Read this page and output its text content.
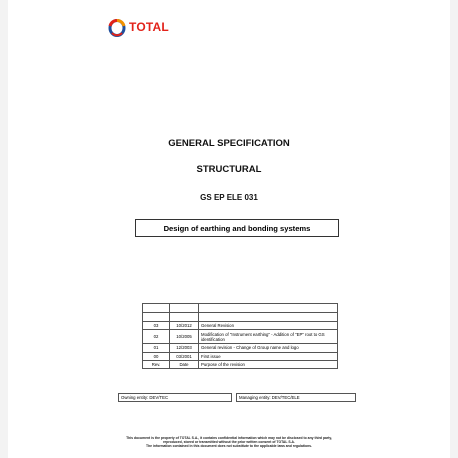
TOTAL
GENERAL SPECIFICATION
STRUCTURAL
GS EP ELE 031
Design of earthing and bonding systems

03	10/2012	General Revision
02	10/2005	Modification of "Instrument earthing" - Addition of "EP" root to GS identification
01	12/2003	General revision - Change of Group name and logo
00	03/2001	First issue
Rev.	Date	Purpose of the revision
Owning entity: DEV/TEC	Managing entity: DEV/TEC/ELE
This document is the property of TOTAL S.A., it contains confidential information which may not be disclosed to any third party,
reproduced, stored or transmitted without the prior written consent of TOTAL S.A.
The information contained in this document does not substitute to the applicable laws and regulations.
